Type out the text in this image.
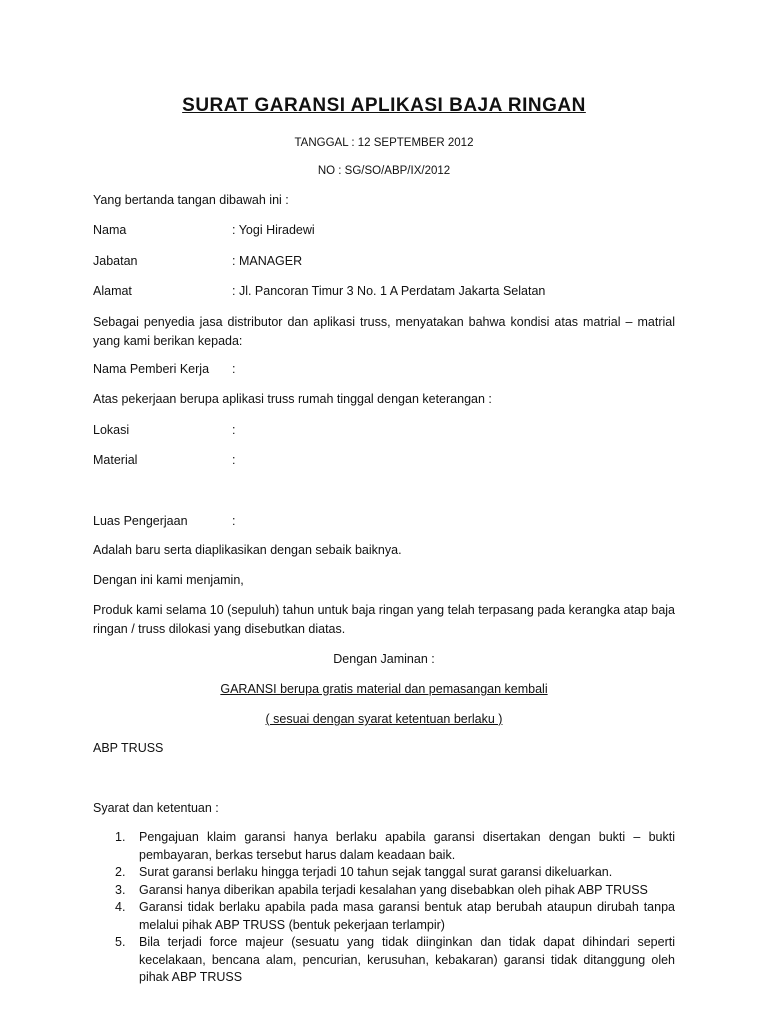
SURAT GARANSI APLIKASI BAJA RINGAN
TANGGAL : 12 SEPTEMBER 2012
NO : SG/SO/ABP/IX/2012
Yang bertanda tangan dibawah ini :
Nama	: Yogi Hiradewi
Jabatan	: MANAGER
Alamat	: Jl. Pancoran Timur 3 No. 1 A Perdatam Jakarta Selatan
Sebagai penyedia jasa distributor dan aplikasi truss, menyatakan bahwa kondisi atas matrial – matrial yang kami berikan kepada:
Nama Pemberi Kerja :
Atas pekerjaan berupa aplikasi truss rumah tinggal dengan keterangan :
Lokasi	:
Material	:
Luas Pengerjaan	:
Adalah baru serta diaplikasikan dengan sebaik baiknya.
Dengan ini kami menjamin,
Produk kami selama 10 (sepuluh) tahun untuk baja ringan yang telah terpasang pada kerangka atap baja ringan / truss dilokasi yang disebutkan diatas.
Dengan Jaminan :
GARANSI berupa gratis material dan pemasangan kembali
( sesuai dengan syarat ketentuan berlaku )
ABP TRUSS
Syarat dan ketentuan :
1. Pengajuan klaim garansi hanya berlaku apabila garansi disertakan dengan bukti – bukti pembayaran, berkas tersebut harus dalam keadaan baik.
2. Surat garansi berlaku hingga terjadi 10 tahun sejak tanggal surat garansi dikeluarkan.
3. Garansi hanya diberikan apabila terjadi kesalahan yang disebabkan oleh pihak ABP TRUSS
4. Garansi tidak berlaku apabila pada masa garansi bentuk atap berubah ataupun dirubah tanpa melalui pihak ABP TRUSS (bentuk pekerjaan terlampir)
5. Bila terjadi force majeur (sesuatu yang tidak diinginkan dan tidak dapat dihindari seperti kecelakaan, bencana alam, pencurian, kerusuhan, kebakaran) garansi tidak ditanggung oleh pihak ABP TRUSS
